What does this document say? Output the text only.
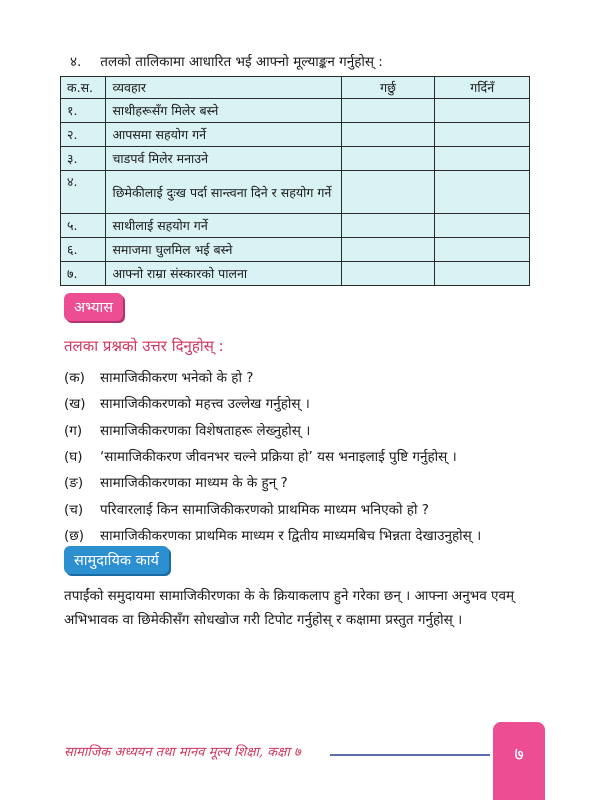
४. तलको तालिकामा आधारित भई आफ्नो मूल्याङ्कन गर्नुहोस् :
क.स.	व्यवहार	गर्छु	गर्दिनँ
१.	साथीहरूसँग मिलेर बस्ने		
२.	आपसमा सहयोग गर्ने		
३.	चाडपर्व मिलेर मनाउने		
४.	छिमेकीलाई दुःख पर्दा सान्त्वना दिने र सहयोग गर्ने		
५.	साथीलाई सहयोग गर्ने		
६.	समाजमा घुलमिल भई बस्ने		
७.	आफ्नो राम्रा संस्कारको पालना		
अभ्यास
तलका प्रश्नको उत्तर दिनुहोस् :
(क)	सामाजिकीकरण भनेको के हो ?
(ख)	सामाजिकीकरणको महत्त्व उल्लेख गर्नुहोस् ।
(ग)	सामाजिकीकरणका विशेषताहरू लेख्नुहोस् ।
(घ)	‘सामाजिकीकरण जीवनभर चल्ने प्रक्रिया हो’ यस भनाइलाई पुष्टि गर्नुहोस् ।
(ङ)	सामाजिकीकरणका माध्यम के के हुन् ?
(च)	परिवारलाई किन सामाजिकीकरणको प्राथमिक माध्यम भनिएको हो ?
(छ)	सामाजिकीकरणका प्राथमिक माध्यम र द्वितीय माध्यमबिच भिन्नता देखाउनुहोस् ।
सामुदायिक कार्य
तपाईंको समुदायमा सामाजिकीरणका के के क्रियाकलाप हुने गरेका छन् । आफ्ना अनुभव एवम् अभिभावक वा छिमेकीसँग सोधखोज गरी टिपोट गर्नुहोस् र कक्षामा प्रस्तुत गर्नुहोस् ।
सामाजिक अध्ययन तथा मानव मूल्य शिक्षा, कक्षा ७	७
